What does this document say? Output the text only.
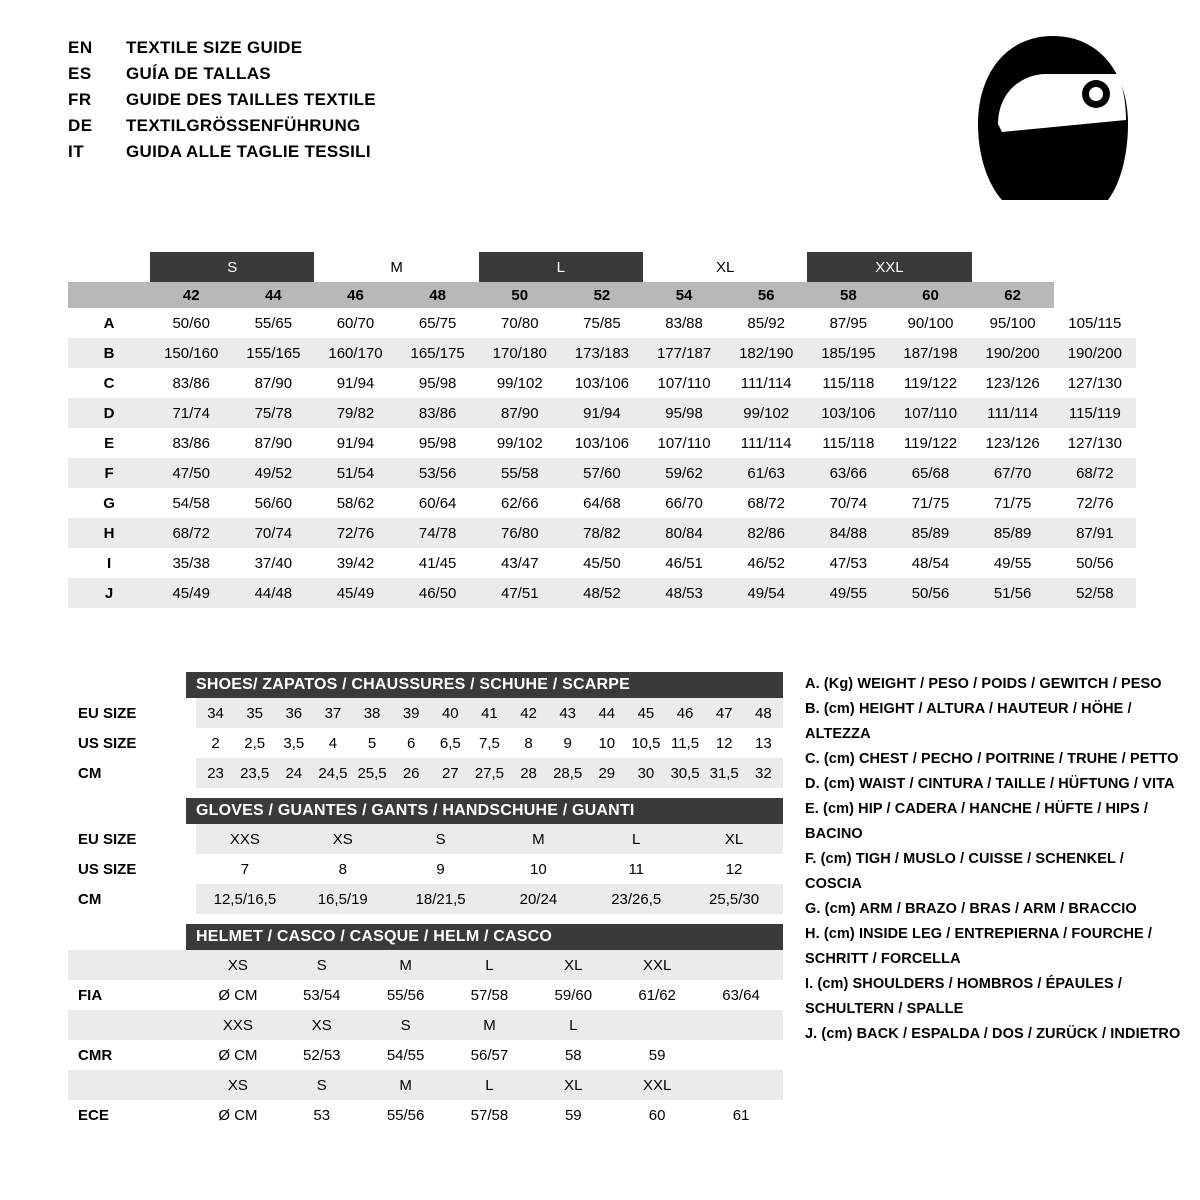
EN	TEXTILE SIZE GUIDE
ES	GUÍA DE TALLAS
FR	GUIDE DES TAILLES TEXTILE
DE	TEXTILGRÖSSENFÜHRUNG
IT	GUIDA ALLE TAGLIE TESSILI
	S		M		L		XL		XXL			
	42	44	46	48	50	52	54	56	58	60	62	
A	50/60	55/65	60/70	65/75	70/80	75/85	83/88	85/92	87/95	90/100	95/100	105/115
B	150/160	155/165	160/170	165/175	170/180	173/183	177/187	182/190	185/195	187/198	190/200	190/200
C	83/86	87/90	91/94	95/98	99/102	103/106	107/110	111/114	115/118	119/122	123/126	127/130
D	71/74	75/78	79/82	83/86	87/90	91/94	95/98	99/102	103/106	107/110	111/114	115/119
E	83/86	87/90	91/94	95/98	99/102	103/106	107/110	111/114	115/118	119/122	123/126	127/130
F	47/50	49/52	51/54	53/56	55/58	57/60	59/62	61/63	63/66	65/68	67/70	68/72
G	54/58	56/60	58/62	60/64	62/66	64/68	66/70	68/72	70/74	71/75	71/75	72/76
H	68/72	70/74	72/76	74/78	76/80	78/82	80/84	82/86	84/88	85/89	85/89	87/91
I	35/38	37/40	39/42	41/45	43/47	45/50	46/51	46/52	47/53	48/54	49/55	50/56
J	45/49	44/48	45/49	46/50	47/51	48/52	48/53	49/54	49/55	50/56	51/56	52/58
SHOES/ ZAPATOS / CHAUSSURES / SCHUHE / SCARPE
EU SIZE	34	35	36	37	38	39	40	41	42	43	44	45	46	47	48
US SIZE	2	2,5	3,5	4	5	6	6,5	7,5	8	9	10	10,5	11,5	12	13
CM	23	23,5	24	24,5	25,5	26	27	27,5	28	28,5	29	30	30,5	31,5	32
GLOVES / GUANTES / GANTS / HANDSCHUHE / GUANTI
EU SIZE	XXS	XS	S	M	L	XL
US SIZE	7	8	9	10	11	12
CM	12,5/16,5	16,5/19	18/21,5	20/24	23/26,5	25,5/30
HELMET / CASCO / CASQUE / HELM / CASCO
	XS	S	M	L	XL	XXL	
FIA	Ø CM	53/54	55/56	57/58	59/60	61/62	63/64
	XXS	XS	S	M	L		
CMR	Ø CM	52/53	54/55	56/57	58	59	
	XS	S	M	L	XL	XXL	
ECE	Ø CM	53	55/56	57/58	59	60	61
A. (Kg) WEIGHT / PESO / POIDS / GEWITCH / PESO
B. (cm) HEIGHT / ALTURA / HAUTEUR / HÖHE / ALTEZZA
C. (cm) CHEST / PECHO / POITRINE / TRUHE / PETTO
D. (cm) WAIST / CINTURA / TAILLE / HÜFTUNG / VITA
E. (cm) HIP / CADERA / HANCHE / HÜFTE / HIPS / BACINO
F. (cm) TIGH / MUSLO / CUISSE / SCHENKEL / COSCIA
G. (cm) ARM / BRAZO / BRAS / ARM / BRACCIO
H. (cm) INSIDE LEG / ENTREPIERNA / FOURCHE /
SCHRITT / FORCELLA
I. (cm) SHOULDERS / HOMBROS / ÉPAULES /
SCHULTERN / SPALLE
J. (cm) BACK / ESPALDA / DOS / ZURÜCK / INDIETRO
